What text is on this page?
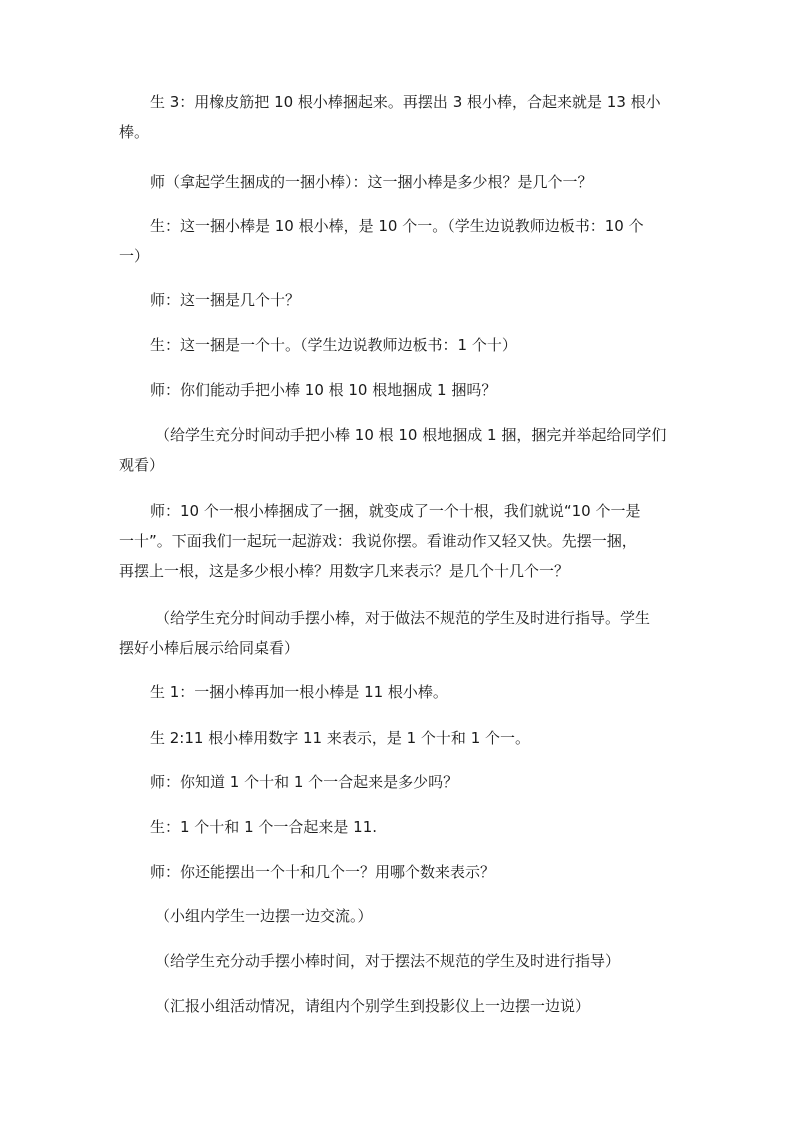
生 3：用橡皮筋把 10 根小棒捆起来。再摆出 3 根小棒，合起来就是 13 根小
棒。
师（拿起学生捆成的一捆小棒）：这一捆小棒是多少根？是几个一？
生：这一捆小棒是 10 根小棒，是 10 个一。（学生边说教师边板书：10 个
一）
师：这一捆是几个十？
生：这一捆是一个十。（学生边说教师边板书：1 个十）
师：你们能动手把小棒 10 根 10 根地捆成 1 捆吗？
（给学生充分时间动手把小棒 10 根 10 根地捆成 1 捆，捆完并举起给同学们
观看）
师：10 个一根小棒捆成了一捆，就变成了一个十根，我们就说“10 个一是
一十”。下面我们一起玩一起游戏：我说你摆。看谁动作又轻又快。先摆一捆，
再摆上一根，这是多少根小棒？用数字几来表示？是几个十几个一？
（给学生充分时间动手摆小棒，对于做法不规范的学生及时进行指导。学生
摆好小棒后展示给同桌看）
生 1：一捆小棒再加一根小棒是 11 根小棒。
生 2:11 根小棒用数字 11 来表示，是 1 个十和 1 个一。
师：你知道 1 个十和 1 个一合起来是多少吗？
生：1 个十和 1 个一合起来是 11.
师：你还能摆出一个十和几个一？用哪个数来表示？
（小组内学生一边摆一边交流。）
（给学生充分动手摆小棒时间，对于摆法不规范的学生及时进行指导）
（汇报小组活动情况，请组内个别学生到投影仪上一边摆一边说）
